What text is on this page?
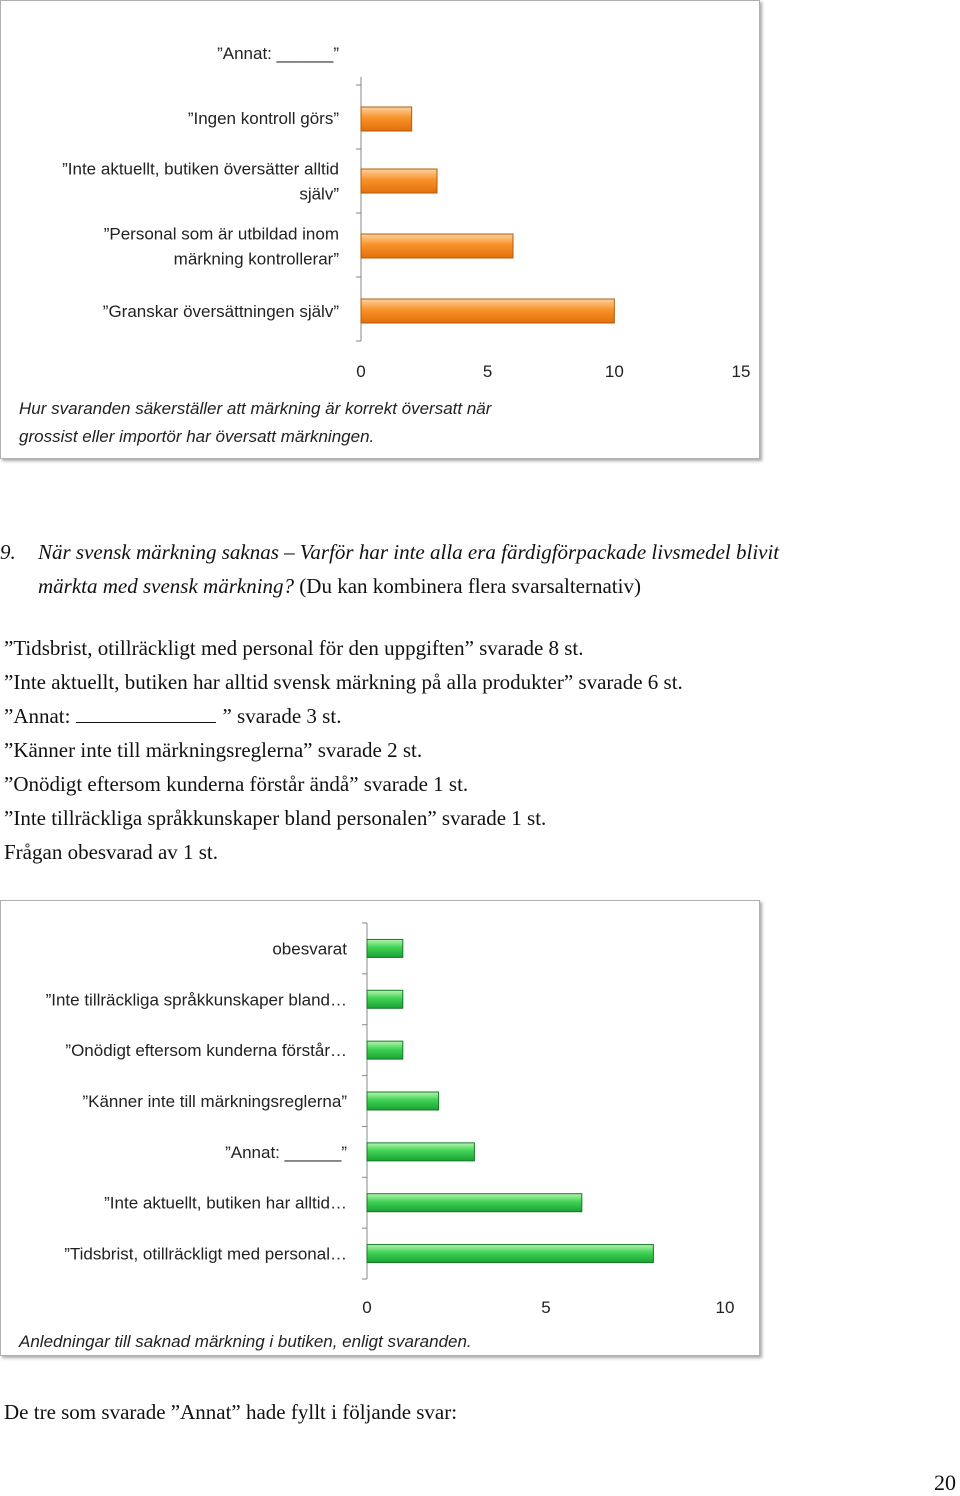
”Annat: ______”
”Ingen kontroll görs”
”Inte aktuellt, butiken översätter alltid
själv”
”Personal som är utbildad inom
märkning kontrollerar”
”Granskar översättningen själv”
0	5	10	15
Hur svaranden säkerställer att märkning är korrekt översatt när
grossist eller importör har översatt märkningen.
9. När svensk märkning saknas – Varför har inte alla era färdigförpackade livsmedel blivit
märkta med svensk märkning? (Du kan kombinera flera svarsalternativ)

”Tidsbrist, otillräckligt med personal för den uppgiften” svarade 8 st.

”Inte aktuellt, butiken har alltid svensk märkning på alla produkter” svarade 6 st.

”Annat:	” svarade 3 st.

”Känner inte till märkningsreglerna” svarade 2 st.

”Onödigt eftersom kunderna förstår ändå” svarade 1 st.

”Inte tillräckliga språkkunskaper bland personalen” svarade 1 st.

Frågan obesvarad av 1 st.

obesvarat
”Inte tillräckliga språkkunskaper bland…
”Onödigt eftersom kunderna förstår…
”Känner inte till märkningsreglerna”
”Annat: ______”
”Inte aktuellt, butiken har alltid…
”Tidsbrist, otillräckligt med personal…
0	5	10
Anledningar till saknad märkning i butiken, enligt svaranden.

De tre som svarade ”Annat” hade fyllt i följande svar:

20
